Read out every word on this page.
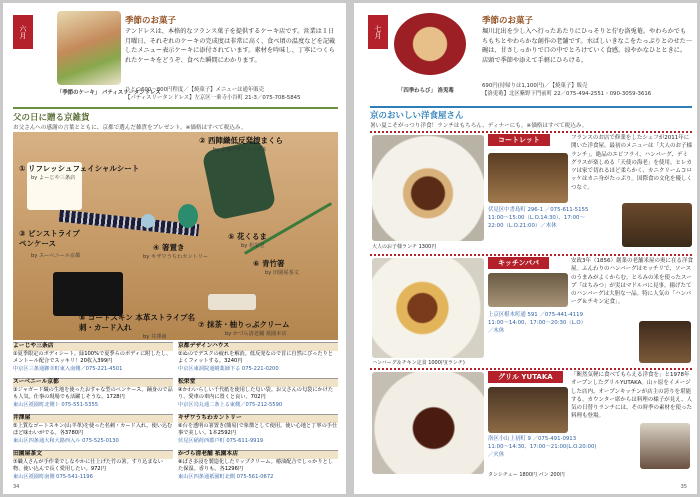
六月
季節のお菓子
テンドレスは、本格的なフランス菓子を提供するケーキ店です。営業は１日月曜日、それぞれのケーキの完成度は非常に高く、食べ頃の温度などを記載したメニュー表示ケーキに添付されています。素材を吟味し、丁寧につくられたケーキをどうぞ、食べた瞬間にわかります。
ひとつ600〜800円程度／【焼菓子】メニューは通年販売
【パティスリータンドレス】左京区一乗寺小谷町 21-3／075-708-5845
「季節のケーキ」 パティスリータンドレス
父の日に贈る京雑貨
お父さんへの感謝の言葉とともに、京都で選んだ雑貨をプレゼント。※価格はすべて税込み。
① リフレッシュフェイシャルシート
by よーじや三条店
② 西陣織低反発捜まくら
by 京都デザインハウス
③ ピンストライプペンケース
by スーベニール京都
④ 箸置き
by キザワうちわカントリー
⑤ 花くるま
by 松栄堂
⑥ 青竹箸
by 田園屋茶文
⑦ 抹茶・柚りっぷクリーム
by かづら清老舗 祇園本店
⑧ ゴートスキン 本革ストライプ名刺・カード入れ
by 井澤商
よーじや三条店
①夏季限定のボディシート。緑100%で夏季らのボディに附したし、メントール配合でスッキリ！20枚入399円
中京区三条通御幸町東入南側／075-221-4501
京都デザインハウス
②ぬのでデスクの疲れを解消。低反発なので首に自然にぴったりとよくフィットする。3240円
中京区東洞院通蛸薬師下る 075-221-0200
スーベニール京都
③ジャガード織の生地を使ったおすゃな型のペンケース。踊身ので品も人気。仕事の現場でも活躍しそうな。1728円
東山区祇園町北側ト 075-551-5355
松栄堂
④かわいらしい千代紙を使用した匂い袋。お父さんの匂袋にかけたり、愛車の車内に置くと良い。702円
中京区烏丸通二条上る東側／075-212-5590
井澤屋
⑤上質なゴートスキン(山羊革)を使った名刺・カード入れ。使い込むほど味わいがでる。各3780円
東山区四条通大和大路西入ル 075-525-0130
キザワうちわカントリー
⑥台を透明の箸置き(簡易)で象徴として使用。使い心地と丁寧の手仕事で美しい。1本2592円
伏見区稲荷西郡戸町 075-611-9919
田園屋茶文
⑦職人さんが手作業でしなやかに仕上げた竹の箸。すり込まない物、使い込んで長く愛用したい。972円
東山区祇園町南側 075-541-1196
かづら清老舗 祇園本店
⑧ぱさ多浸を製造化したリップクリーム。椿油配合でしっかりとした保湿。香りも。各1296円
東山区四条通祇園町北側 075-561-0672
34
七月
季節のお菓子
堀川北出を少し入へ行ったあたりにひっそりと佇む洛兎菴。やわらかでもちもちとやわらかな創作の老舗です。水ぱしいきなこをたっぷりとのせた一碗は、甘さしっかりで口の中でとろけていく食感。涼やかなひとときに。店頭で季節や添えて手軽にひらける。
690円(持帰りは1,100円)／【焼菓子】販売
【洛兎菴】北区紫野下門前町 22／075-494-2551・090-3059-3616
「四季わらび」 洛兎菴
京のおいしい洋食屋さん
暑い夏こそがっつり洋食！ランチはもちろん、ディナーにも。※価格はすべて税込み。
コートレット	フランスのお店で修業をしたシェフが2011年に開いた洋食屋。最初のメニューは「大人のお子様ランチ」。絶品のエビフライ、ハンバーグ、デミグラスが楽しめる「天使の海老」を使用。ヒレカツは家で切れるほど柔らかく、カニクリームコロッケはカニ身がたっぷり。国際食の文化を優しくつなぐ。
伏見区中書島町 296-1 ／075-611-5155
11:00〜15:00（L.O.14:30）、17:00〜
22:00（L.O.21:00）／木休
大人のお子様ランチ 1300円
キッチンパパ	安政3年（1856）創業の老舗米屋の奥に在る洋食屋。ふんわりのハンバーグはモッチリで、ソースのうまみがよくからむ。とろみの米を使ったスープ「はちみつ」が実はマドルバに見事。揚げたてのハンバーグは大胆な一品。特に人気の「ハンバーグ＆チキン定食」。
上京区椹木町通 591 ／075-441-4119
11:00〜14:00、17:00〜20:30（L.O）
／木休
ハンバーグ＆チキン定食 1000円(ランチ)
グリル YUTAKA	「断然気軽に食べてもらえる洋食を」と1978年オープンしたグリルYUTAKA。山ヶ原をイメージした店内、オープンキッチンが店主の誇りを堪能する。カウンター席からは料理の様子が見え、人気の日替りランチには、その時季の素材を使った料理も登場。
洛区小山上初町 9 ／075-491-0913
11:00〜14:30、17:00〜21:00(L.O.20:00)
／火休
タンシチュー 1800円 パン 200円
35
